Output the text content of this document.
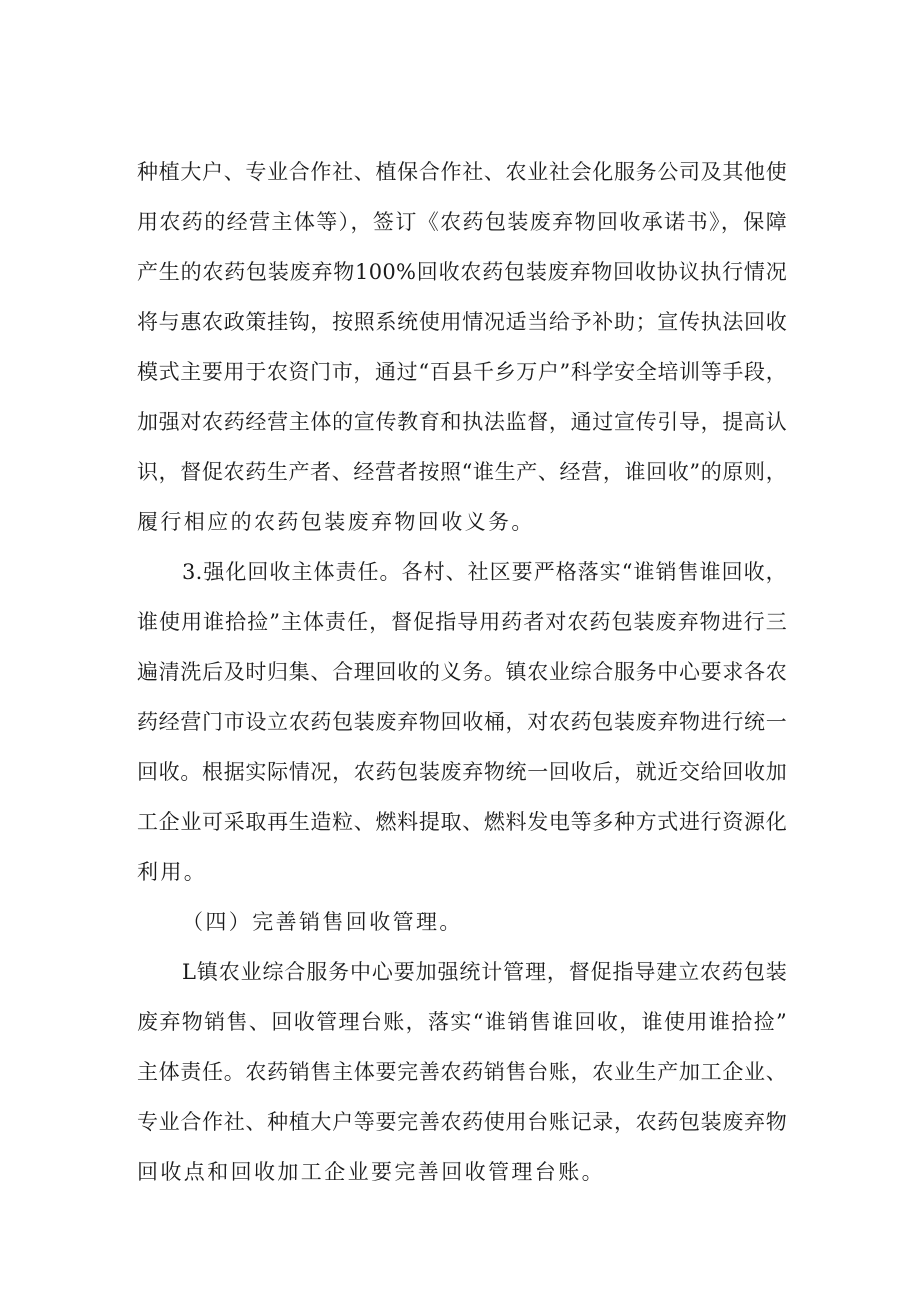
种植大户、专业合作社、植保合作社、农业社会化服务公司及其他使

用农药的经营主体等），签订《农药包装废弃物回收承诺书》，保障

产生的农药包装废弃物100%回收农药包装废弃物回收协议执行情况

将与惠农政策挂钩，按照系统使用情况适当给予补助；宣传执法回收

模式主要用于农资门市，通过“百县千乡万户”科学安全培训等手段，

加强对农药经营主体的宣传教育和执法监督，通过宣传引导，提高认

识，督促农药生产者、经营者按照“谁生产、经营，谁回收”的原则，

履行相应的农药包装废弃物回收义务。

3.强化回收主体责任。各村、社区要严格落实“谁销售谁回收，

谁使用谁拾捡”主体责任，督促指导用药者对农药包装废弃物进行三

遍清洗后及时归集、合理回收的义务。镇农业综合服务中心要求各农

药经营门市设立农药包装废弃物回收桶，对农药包装废弃物进行统一

回收。根据实际情况，农药包装废弃物统一回收后，就近交给回收加

工企业可采取再生造粒、燃料提取、燃料发电等多种方式进行资源化

利用。

（四）完善销售回收管理。

L镇农业综合服务中心要加强统计管理，督促指导建立农药包装

废弃物销售、回收管理台账，落实“谁销售谁回收，谁使用谁拾捡”

主体责任。农药销售主体要完善农药销售台账，农业生产加工企业、

专业合作社、种植大户等要完善农药使用台账记录，农药包装废弃物

回收点和回收加工企业要完善回收管理台账。
